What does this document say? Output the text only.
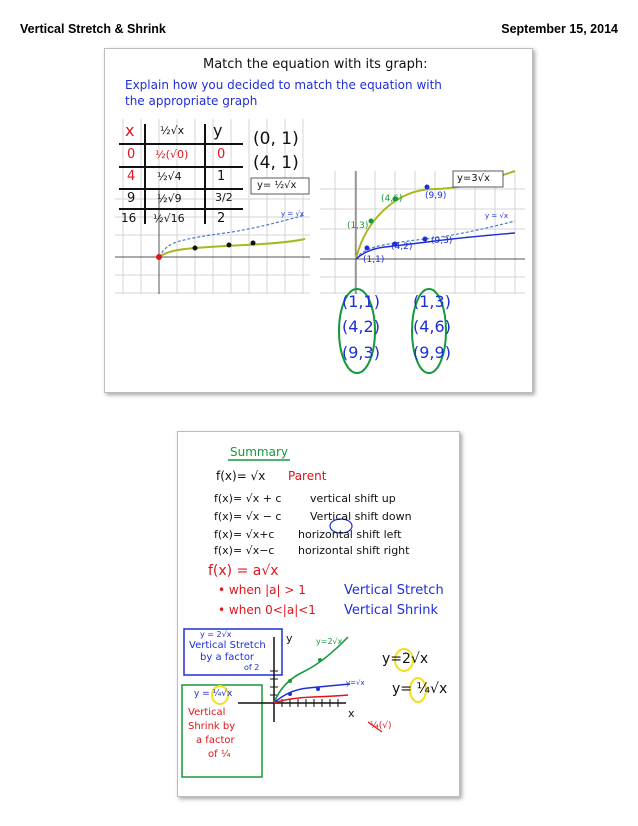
Vertical Stretch & Shrink	September 15, 2014
Match the equation with its graph:
Explain how you decided to match the equation with
the appropriate graph
x ½√x y
0 ½(√0) 0
4 ½√4	1
9 ½√9	3/2
16 ½√16 2
(0, 1)
(4, 1)
y= ½√x
y = √x
y=3√x
y = √x
(1,3)
(4,6)	(9,9)
(1,1)
(4,2)
(9,3)
(1,1)
(4,2)
(9,3)
(1,3)
(4,6)
(9,9)
Summary
f(x)= √x Parent
f(x)= √x + c	vertical shift up
f(x)= √x − c	Vertical shift down
f(x)= √x+c horizontal shift left
f(x)= √x−c horizontal shift right
f(x) = a√x
• when |a| > 1	Vertical Stretch
• when 0<|a|<1 Vertical Shrink
y = 2√x
Vertical Stretch
by a factor
of 2
y = ¼√x
Vertical
Shrink by
a factor
of ¼
y
x
y=2√x
y=√x
¼(√)
y=2√x
y= ¼√x
